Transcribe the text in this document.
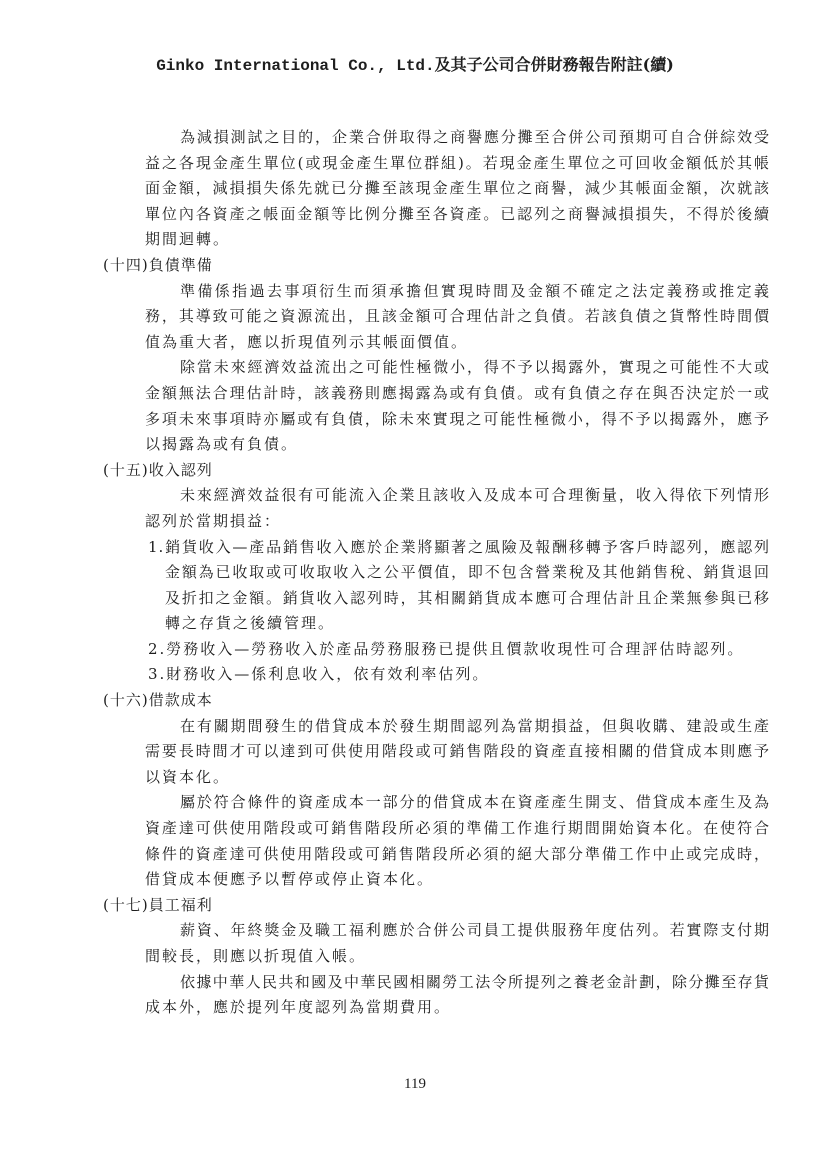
Ginko International Co., Ltd.及其子公司合併財務報告附註(續)
為減損測試之目的，企業合併取得之商譽應分攤至合併公司預期可自合併綜效受
益之各現金產生單位(或現金產生單位群組)。若現金產生單位之可回收金額低於其帳
面金額，減損損失係先就已分攤至該現金產生單位之商譽，減少其帳面金額，次就該
單位內各資產之帳面金額等比例分攤至各資產。已認列之商譽減損損失，不得於後續
期間迴轉。
(十四)負債準備
準備係指過去事項衍生而須承擔但實現時間及金額不確定之法定義務或推定義
務，其導致可能之資源流出，且該金額可合理估計之負債。若該負債之貨幣性時間價
值為重大者，應以折現值列示其帳面價值。
除當未來經濟效益流出之可能性極微小，得不予以揭露外，實現之可能性不大或
金額無法合理估計時，該義務則應揭露為或有負債。或有負債之存在與否決定於一或
多項未來事項時亦屬或有負債，除未來實現之可能性極微小，得不予以揭露外，應予
以揭露為或有負債。
(十五)收入認列
未來經濟效益很有可能流入企業且該收入及成本可合理衡量，收入得依下列情形
認列於當期損益：
1.銷貨收入—產品銷售收入應於企業將顯著之風險及報酬移轉予客戶時認列，應認列
金額為已收取或可收取收入之公平價值，即不包含營業稅及其他銷售稅、銷貨退回
及折扣之金額。銷貨收入認列時，其相關銷貨成本應可合理估計且企業無參與已移
轉之存貨之後續管理。
2.勞務收入—勞務收入於產品勞務服務已提供且價款收現性可合理評估時認列。
3.財務收入—係利息收入，依有效利率估列。
(十六)借款成本
在有關期間發生的借貸成本於發生期間認列為當期損益，但與收購、建設或生產
需要長時間才可以達到可供使用階段或可銷售階段的資產直接相關的借貸成本則應予
以資本化。
屬於符合條件的資產成本一部分的借貸成本在資產產生開支、借貸成本產生及為
資產達可供使用階段或可銷售階段所必須的準備工作進行期間開始資本化。在使符合
條件的資產達可供使用階段或可銷售階段所必須的絕大部分準備工作中止或完成時，
借貸成本便應予以暫停或停止資本化。
(十七)員工福利
薪資、年終獎金及職工福利應於合併公司員工提供服務年度估列。若實際支付期
間較長，則應以折現值入帳。
依據中華人民共和國及中華民國相關勞工法令所提列之養老金計劃，除分攤至存貨
成本外，應於提列年度認列為當期費用。
119
